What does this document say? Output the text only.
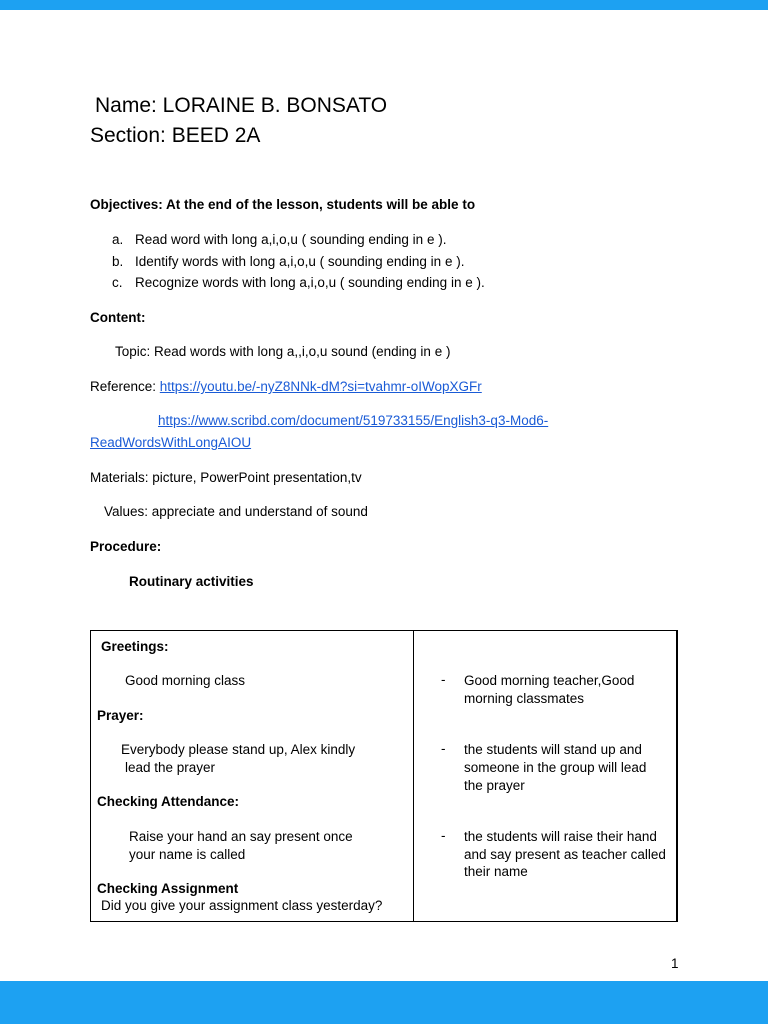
Name: LORAINE B. BONSATO
Section: BEED 2A
Objectives: At the end of the lesson, students will be able to
a. Read word with long a,i,o,u ( sounding ending in e ).
b. Identify words with long a,i,o,u ( sounding ending in e ).
c. Recognize words with long a,i,o,u ( sounding ending in e ).
Content:
Topic: Read words with long a,,i,o,u sound (ending in e )
Reference: https://youtu.be/-nyZ8NNk-dM?si=tvahmr-oIWopXGFr
https://www.scribd.com/document/519733155/English3-q3-Mod6-
ReadWordsWithLongAIOU
Materials: picture, PowerPoint presentation,tv
Values: appreciate and understand of sound
Procedure:
Routinary activities
Greetings:
Good morning class
Prayer:
Everybody please stand up, Alex kindly
lead the prayer
Checking Attendance:
Raise your hand an say present once
your name is called
Checking Assignment
Did you give your assignment class yesterday?
- Good morning teacher,Good
morning classmates
- the students will stand up and
someone in the group will lead
the prayer
- the students will raise their hand
and say present as teacher called
their name
1
